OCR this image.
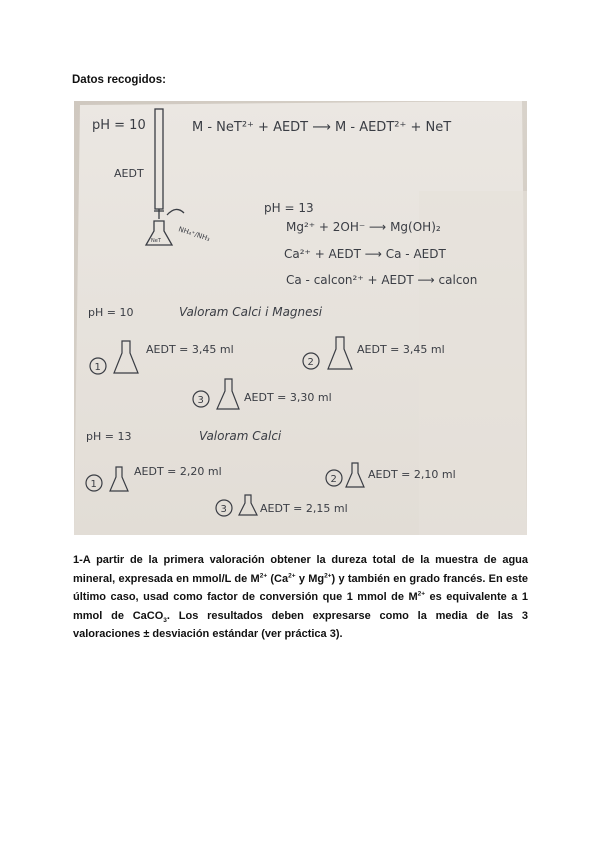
Datos recogidos:
pH = 10	M - NeT²⁺ + AEDT ⟶ M - AEDT²⁺ + NeT
AEDT
NeT NH₄⁺/NH₃
pH = 13
Mg²⁺ + 2OH⁻ ⟶ Mg(OH)₂
Ca²⁺ + AEDT ⟶ Ca - AEDT
Ca - calcon²⁺ + AEDT ⟶ calcon
pH = 10	Valoram Calci i Magnesi
1
AEDT = 3,45 ml
2
AEDT = 3,45 ml
3	AEDT = 3,30 ml
pH = 13	Valoram Calci
1
AEDT = 2,20 ml
2	AEDT = 2,10 ml
3	AEDT = 2,15 ml
1-A partir de la primera valoración obtener la dureza total de la muestra de agua mineral, expresada en mmol/L de $M^{2+}$ ($Ca^{2+}$ y $Mg^{2+}$) y también en grado francés. En este último caso, usad como factor de conversión que 1 mmol de $M^{2+}$ es equivalente a 1 mmol de CaCO$_3$. Los resultados deben expresarse como la media de las 3 valoraciones ± desviación estándar (ver práctica 3).
